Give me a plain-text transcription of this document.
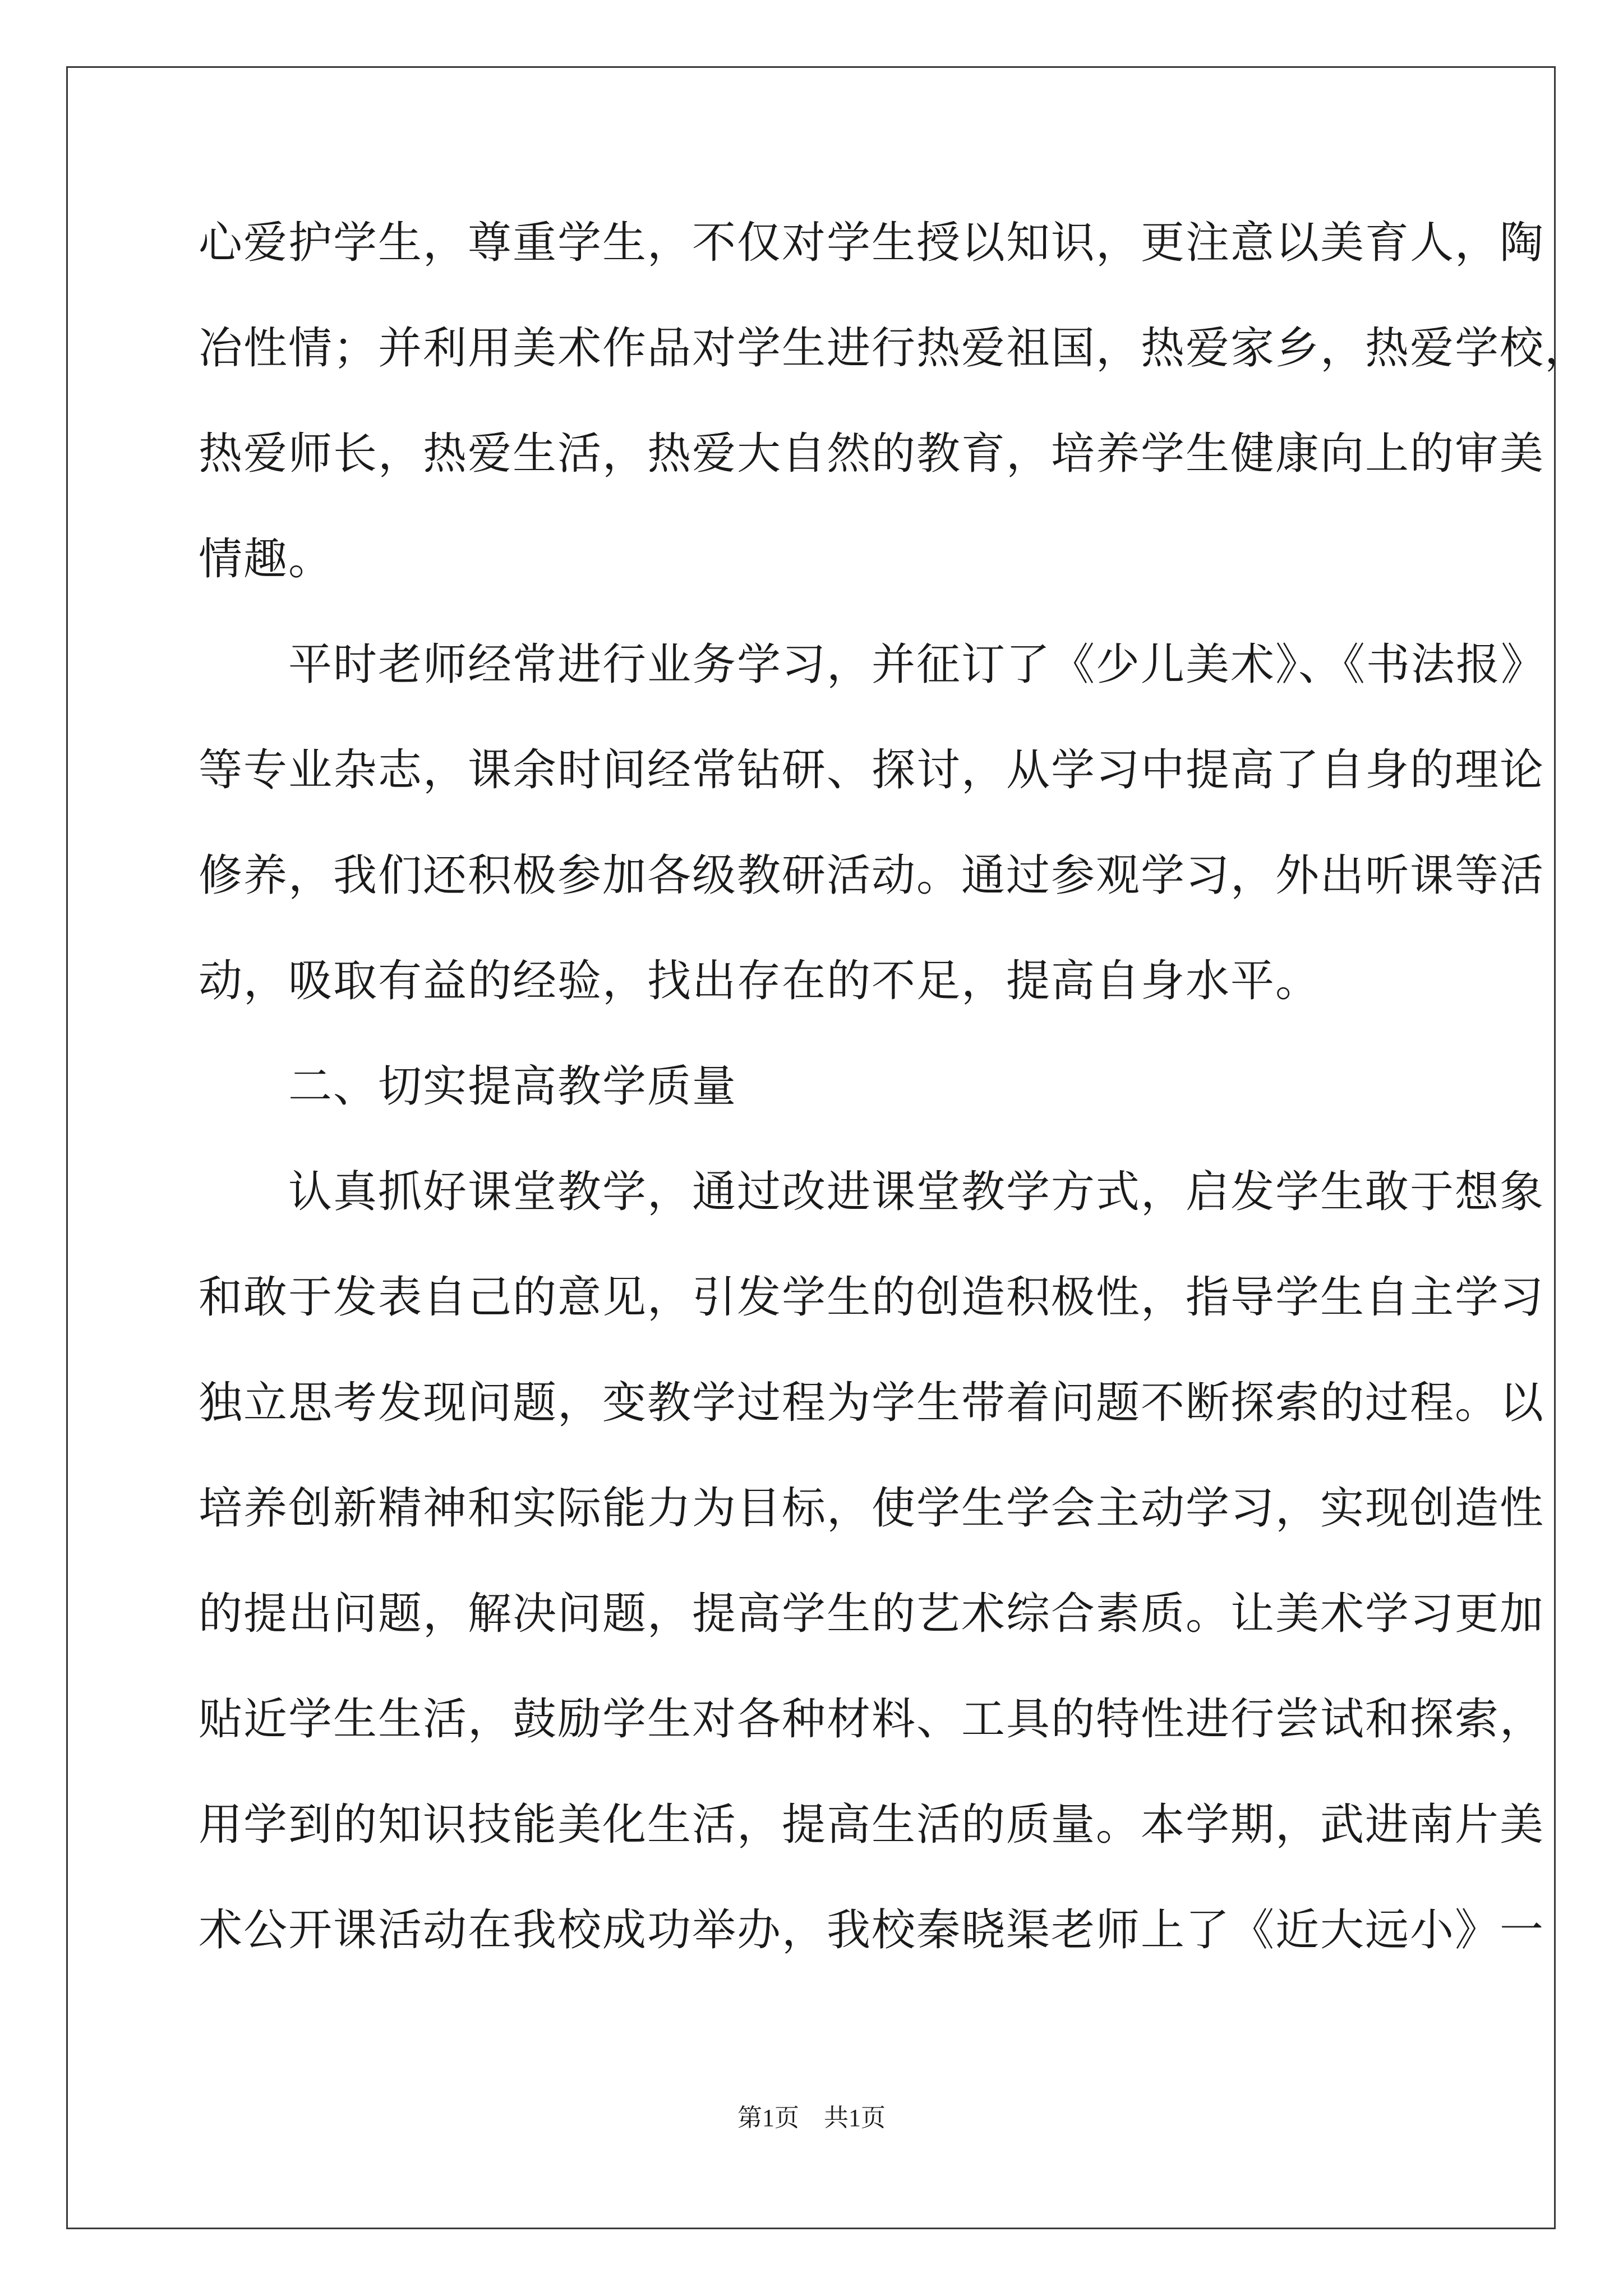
心爱护学生，尊重学生，不仅对学生授以知识，更注意以美育人，陶
冶性情；并利用美术作品对学生进行热爱祖国，热爱家乡，热爱学校，
热爱师长，热爱生活，热爱大自然的教育，培养学生健康向上的审美
情趣。
平时老师经常进行业务学习，并征订了《少儿美术》、《书法报》
等专业杂志，课余时间经常钻研、探讨，从学习中提高了自身的理论
修养，我们还积极参加各级教研活动。通过参观学习，外出听课等活
动，吸取有益的经验，找出存在的不足，提高自身水平。
二、切实提高教学质量
认真抓好课堂教学，通过改进课堂教学方式，启发学生敢于想象
和敢于发表自己的意见，引发学生的创造积极性，指导学生自主学习
独立思考发现问题，变教学过程为学生带着问题不断探索的过程。以
培养创新精神和实际能力为目标，使学生学会主动学习，实现创造性
的提出问题，解决问题，提高学生的艺术综合素质。让美术学习更加
贴近学生生活，鼓励学生对各种材料、工具的特性进行尝试和探索，
用学到的知识技能美化生活，提高生活的质量。本学期，武进南片美
术公开课活动在我校成功举办，我校秦晓渠老师上了《近大远小》一
第1页　共1页
